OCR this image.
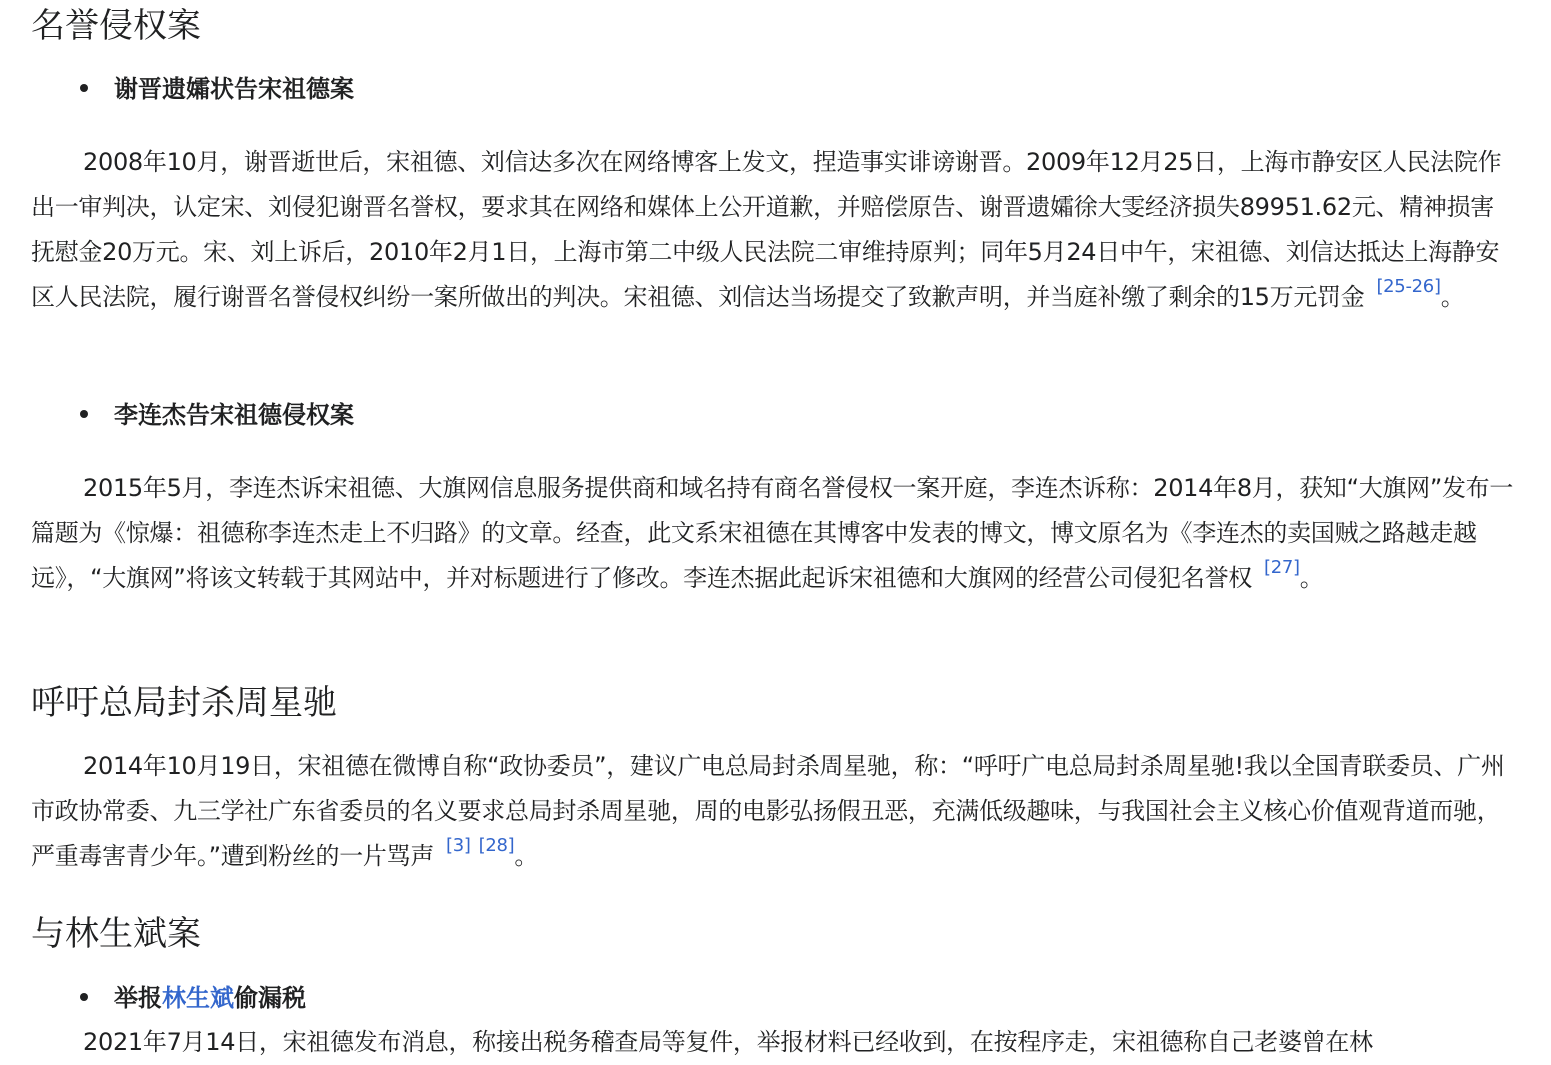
名誉侵权案
谢晋遗孀状告宋祖德案

2008年10月，谢晋逝世后，宋祖德、刘信达多次在网络博客上发文，捏造事实诽谤谢晋。2009年12月25日，上海市静安区人民法院作出一审判决，认定宋、刘侵犯谢晋名誉权，要求其在网络和媒体上公开道歉，并赔偿原告、谢晋遗孀徐大雯经济损失89951.62元、精神损害抚慰金20万元。宋、刘上诉后，2010年2月1日，上海市第二中级人民法院二审维持原判；同年5月24日中午，宋祖德、刘信达抵达上海静安区人民法院，履行谢晋名誉侵权纠纷一案所做出的判决。宋祖德、刘信达当场提交了致歉声明，并当庭补缴了剩余的15万元罚金 [25-26]。

李连杰告宋祖德侵权案

2015年5月，李连杰诉宋祖德、大旗网信息服务提供商和域名持有商名誉侵权一案开庭，李连杰诉称：2014年8月，获知“大旗网”发布一篇题为《惊爆：祖德称李连杰走上不归路》的文章。经查，此文系宋祖德在其博客中发表的博文，博文原名为《李连杰的卖国贼之路越走越远》，“大旗网”将该文转载于其网站中，并对标题进行了修改。李连杰据此起诉宋祖德和大旗网的经营公司侵犯名誉权 [27]。

呼吁总局封杀周星驰

2014年10月19日，宋祖德在微博自称“政协委员”，建议广电总局封杀周星驰，称：“呼吁广电总局封杀周星驰!我以全国青联委员、广州市政协常委、九三学社广东省委员的名义要求总局封杀周星驰，周的电影弘扬假丑恶，充满低级趣味，与我国社会主义核心价值观背道而驰，严重毒害青少年。”遭到粉丝的一片骂声 [3] [28]。

与林生斌案
举报林生斌偷漏税

2021年7月14日，宋祖德发布消息，称接出税务稽查局等复件，举报材料已经收到，在按程序走，宋祖德称自己老婆曾在林
